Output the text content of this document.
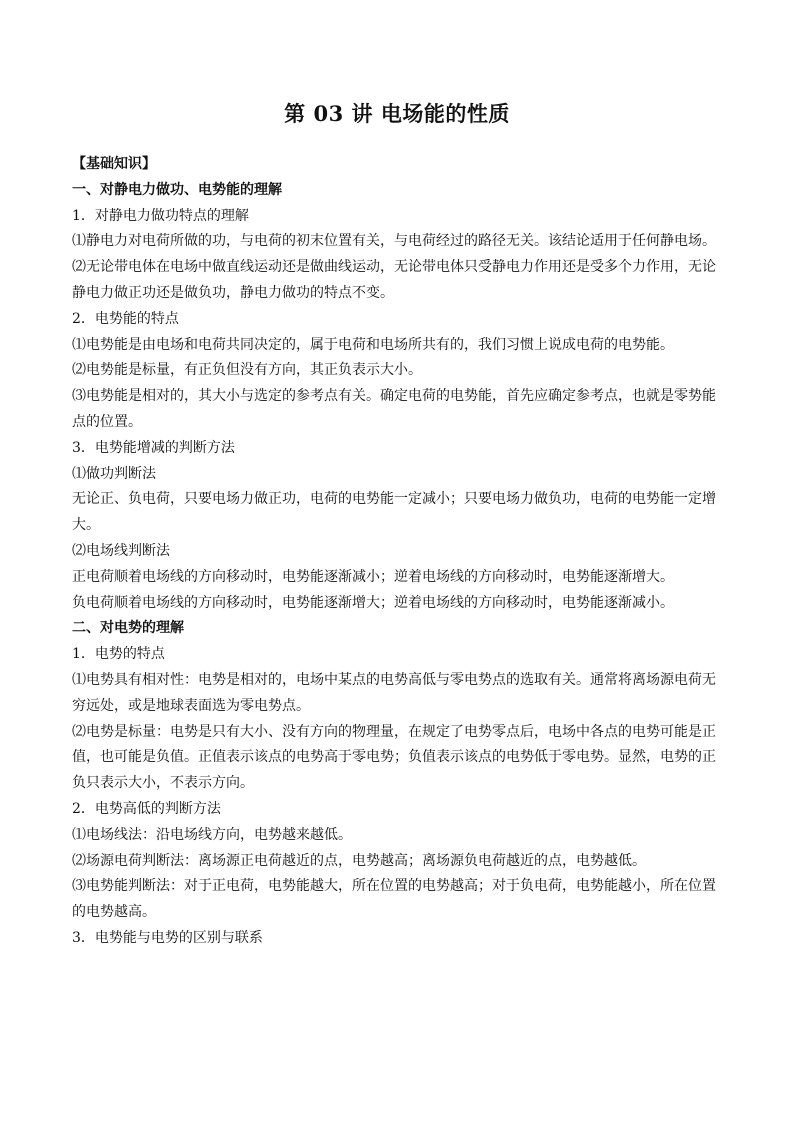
第 03 讲 电场能的性质

【基础知识】

一、对静电力做功、电势能的理解

1．对静电力做功特点的理解

⑴静电力对电荷所做的功，与电荷的初末位置有关，与电荷经过的路径无关。该结论适用于任何静电场。

⑵无论带电体在电场中做直线运动还是做曲线运动，无论带电体只受静电力作用还是受多个力作用，无论静电力做正功还是做负功，静电力做功的特点不变。

2．电势能的特点

⑴电势能是由电场和电荷共同决定的，属于电荷和电场所共有的，我们习惯上说成电荷的电势能。

⑵电势能是标量，有正负但没有方向，其正负表示大小。

⑶电势能是相对的，其大小与选定的参考点有关。确定电荷的电势能，首先应确定参考点，也就是零势能点的位置。

3．电势能增减的判断方法

⑴做功判断法

无论正、负电荷，只要电场力做正功，电荷的电势能一定减小；只要电场力做负功，电荷的电势能一定增大。

⑵电场线判断法

正电荷顺着电场线的方向移动时，电势能逐渐减小；逆着电场线的方向移动时，电势能逐渐增大。

负电荷顺着电场线的方向移动时，电势能逐渐增大；逆着电场线的方向移动时，电势能逐渐减小。

二、对电势的理解

1．电势的特点

⑴电势具有相对性：电势是相对的，电场中某点的电势高低与零电势点的选取有关。通常将离场源电荷无穷远处，或是地球表面选为零电势点。

⑵电势是标量：电势是只有大小、没有方向的物理量，在规定了电势零点后，电场中各点的电势可能是正值，也可能是负值。正值表示该点的电势高于零电势；负值表示该点的电势低于零电势。显然，电势的正负只表示大小，不表示方向。

2．电势高低的判断方法

⑴电场线法：沿电场线方向，电势越来越低。

⑵场源电荷判断法：离场源正电荷越近的点，电势越高；离场源负电荷越近的点，电势越低。

⑶电势能判断法：对于正电荷，电势能越大，所在位置的电势越高；对于负电荷，电势能越小，所在位置的电势越高。

3．电势能与电势的区别与联系
